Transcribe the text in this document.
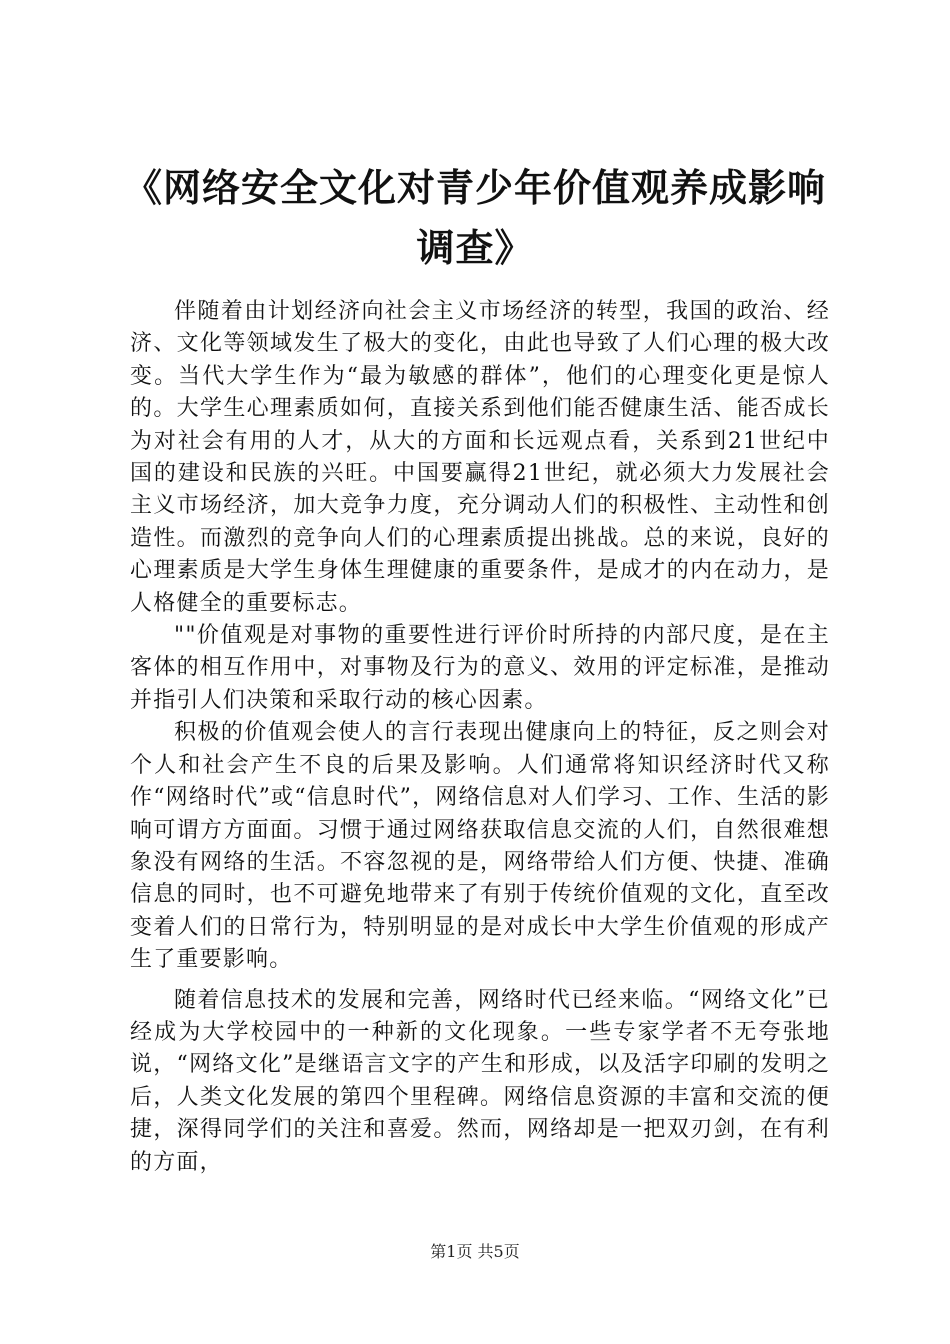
《网络安全文化对青少年价值观养成影响调查》

伴随着由计划经济向社会主义市场经济的转型，我国的政治、经济、文化等领域发生了极大的变化，由此也导致了人们心理的极大改变。当代大学生作为“最为敏感的群体”，他们的心理变化更是惊人的。大学生心理素质如何，直接关系到他们能否健康生活、能否成长为对社会有用的人才，从大的方面和长远观点看，关系到21世纪中国的建设和民族的兴旺。中国要赢得21世纪，就必须大力发展社会主义市场经济，加大竞争力度，充分调动人们的积极性、主动性和创造性。而激烈的竞争向人们的心理素质提出挑战。总的来说，良好的心理素质是大学生身体生理健康的重要条件，是成才的内在动力，是人格健全的重要标志。

""价值观是对事物的重要性进行评价时所持的内部尺度，是在主客体的相互作用中，对事物及行为的意义、效用的评定标准，是推动并指引人们决策和采取行动的核心因素。

积极的价值观会使人的言行表现出健康向上的特征，反之则会对个人和社会产生不良的后果及影响。人们通常将知识经济时代又称作“网络时代”或“信息时代”，网络信息对人们学习、工作、生活的影响可谓方方面面。习惯于通过网络获取信息交流的人们，自然很难想象没有网络的生活。不容忽视的是，网络带给人们方便、快捷、准确信息的同时，也不可避免地带来了有别于传统价值观的文化，直至改变着人们的日常行为，特别明显的是对成长中大学生价值观的形成产生了重要影响。

随着信息技术的发展和完善，网络时代已经来临。“网络文化”已经成为大学校园中的一种新的文化现象。一些专家学者不无夸张地说，“网络文化”是继语言文字的产生和形成，以及活字印刷的发明之后，人类文化发展的第四个里程碑。网络信息资源的丰富和交流的便捷，深得同学们的关注和喜爱。然而，网络却是一把双刃剑，在有利的方面，

第1页 共5页
